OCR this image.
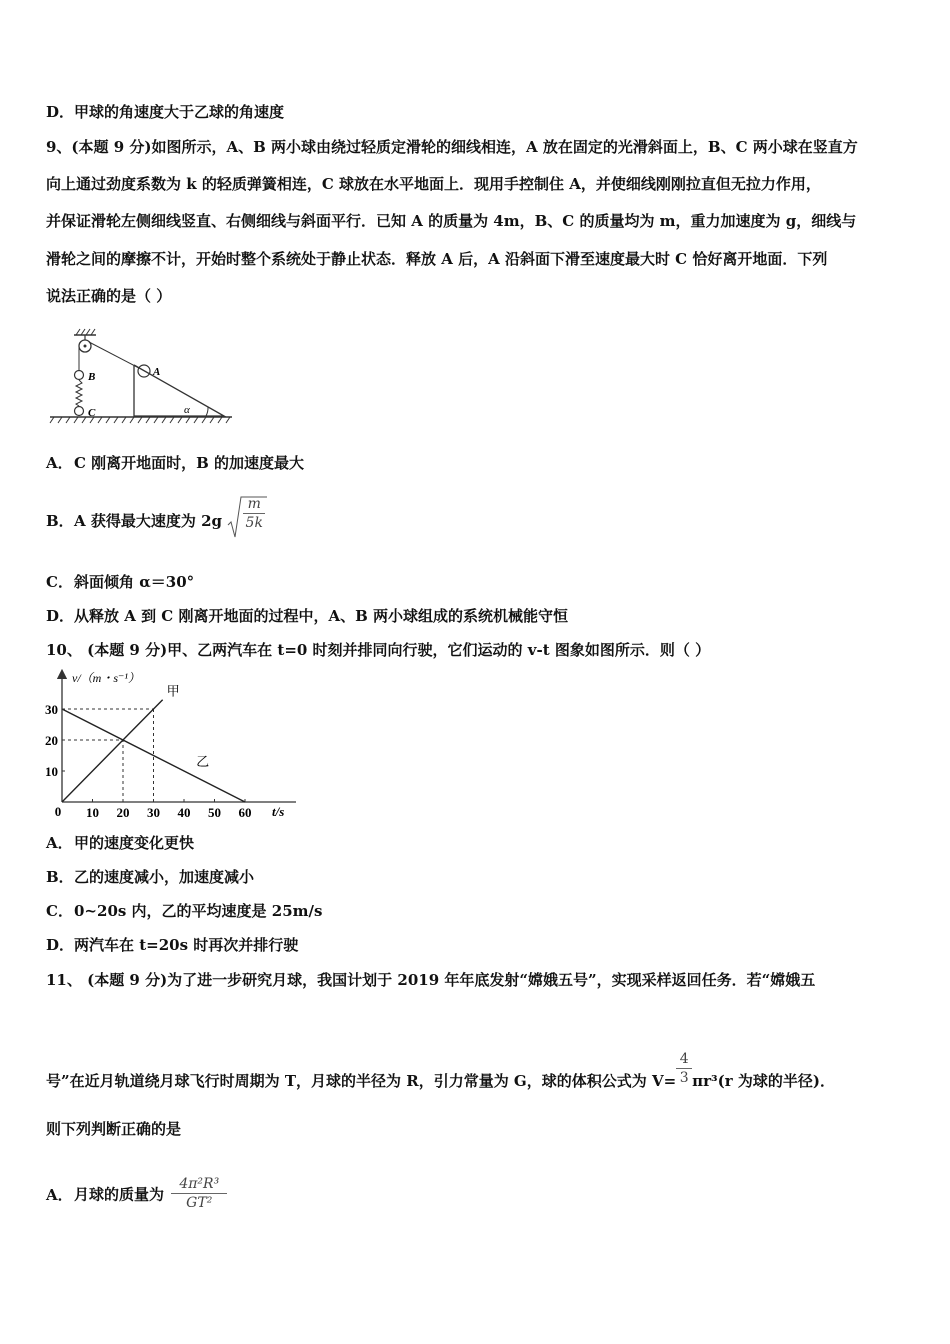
D．甲球的角速度大于乙球的角速度
9、(本题 9 分)如图所示，A、B 两小球由绕过轻质定滑轮的细线相连，A 放在固定的光滑斜面上，B、C 两小球在竖直方
向上通过劲度系数为 k 的轻质弹簧相连，C 球放在水平地面上．现用手控制住 A，并使细线刚刚拉直但无拉力作用，
并保证滑轮左侧细线竖直、右侧细线与斜面平行．已知 A 的质量为 4m，B、C 的质量均为 m，重力加速度为 g，细线与
滑轮之间的摩擦不计，开始时整个系统处于静止状态．释放 A 后，A 沿斜面下滑至速度最大时 C 恰好离开地面．下列
说法正确的是（ ）
B
C
A
α
A．C 刚离开地面时，B 的加速度最大
B．A 获得最大速度为 $2g \frac{m}{5k}$
C．斜面倾角 α＝30°
D．从释放 A 到 C 刚离开地面的过程中，A、B 两小球组成的系统机械能守恒
10、 (本题 9 分)甲、乙两汽车在 t=0 时刻并排同向行驶，它们运动的 v-t 图象如图所示．则（ ）
v/（m・s⁻¹）
t/s
0
甲
乙
10 20 30 40 50 60
10
20
30
A．甲的速度变化更快
B．乙的速度减小，加速度减小
C．0~20s 内，乙的平均速度是 25m/s
D．两汽车在 t=20s 时再次并排行驶
11、 (本题 9 分)为了进一步研究月球，我国计划于 2019 年年底发射“嫦娥五号”，实现采样返回任务．若“嫦娥五
号”在近月轨道绕月球飞行时周期为 T，月球的半径为 R，引力常量为 G，球的体积公式为 $V= \frac{4}{3} \pi r^3(r$ 为球的半径)．
则下列判断正确的是
A．月球的质量为 $\frac{\text{4π²R³}}{\text{GT²}}$
